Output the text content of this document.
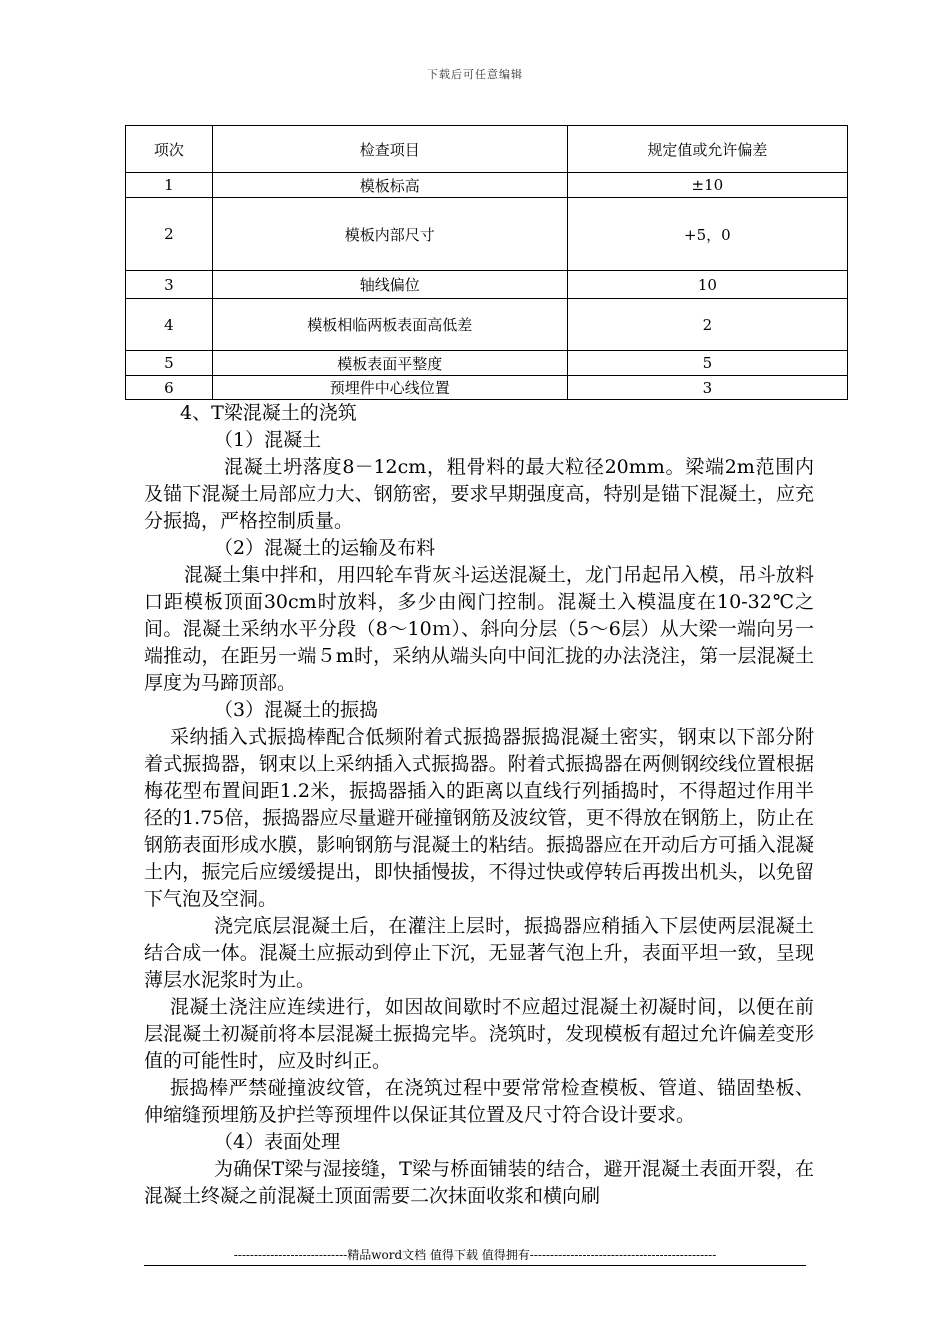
下载后可任意编辑
项次	检查项目	规定值或允许偏差
1	模板标高	±10
2	模板内部尺寸	+5，0
3	轴线偏位	10
4	模板相临两板表面高低差	2
5	模板表面平整度	5
6	预埋件中心线位置	3

4、T梁混凝土的浇筑

（1）混凝土

混凝土坍落度8－12cm，粗骨料的最大粒径20mm。梁端2m范围内及锚下混凝土局部应力大、钢筋密，要求早期强度高，特别是锚下混凝土，应充分振捣，严格控制质量。

（2）混凝土的运输及布料

混凝土集中拌和，用四轮车背灰斗运送混凝土，龙门吊起吊入模，吊斗放料口距模板顶面30cm时放料，多少由阀门控制。混凝土入模温度在10-32℃之间。混凝土采纳水平分段（8～10ｍ）、斜向分层（5～6层）从大梁一端向另一端推动，在距另一端５m时，采纳从端头向中间汇拢的办法浇注，第一层混凝土厚度为马蹄顶部。

（3）混凝土的振捣

采纳插入式振捣棒配合低频附着式振捣器振捣混凝土密实，钢束以下部分附着式振捣器，钢束以上采纳插入式振捣器。附着式振捣器在两侧钢绞线位置根据梅花型布置间距1.2米，振捣器插入的距离以直线行列插捣时，不得超过作用半径的1.75倍，振捣器应尽量避开碰撞钢筋及波纹管，更不得放在钢筋上，防止在钢筋表面形成水膜，影响钢筋与混凝土的粘结。振捣器应在开动后方可插入混凝土内，振完后应缓缓提出，即快插慢拔，不得过快或停转后再拨出机头，以免留下气泡及空洞。

浇完底层混凝土后，在灌注上层时，振捣器应稍插入下层使两层混凝土结合成一体。混凝土应振动到停止下沉，无显著气泡上升，表面平坦一致，呈现薄层水泥浆时为止。

混凝土浇注应连续进行，如因故间歇时不应超过混凝土初凝时间，以便在前层混凝土初凝前将本层混凝土振捣完毕。浇筑时，发现模板有超过允许偏差变形值的可能性时，应及时纠正。

振捣棒严禁碰撞波纹管，在浇筑过程中要常常检查模板、管道、锚固垫板、伸缩缝预埋筋及护拦等预埋件以保证其位置及尺寸符合设计要求。

（4）表面处理

为确保T梁与湿接缝，T梁与桥面铺装的结合，避开混凝土表面开裂，在混凝土终凝之前混凝土顶面需要二次抹面收浆和横向刷

----------------------------精品word文档 值得下载 值得拥有----------------------------------------------
